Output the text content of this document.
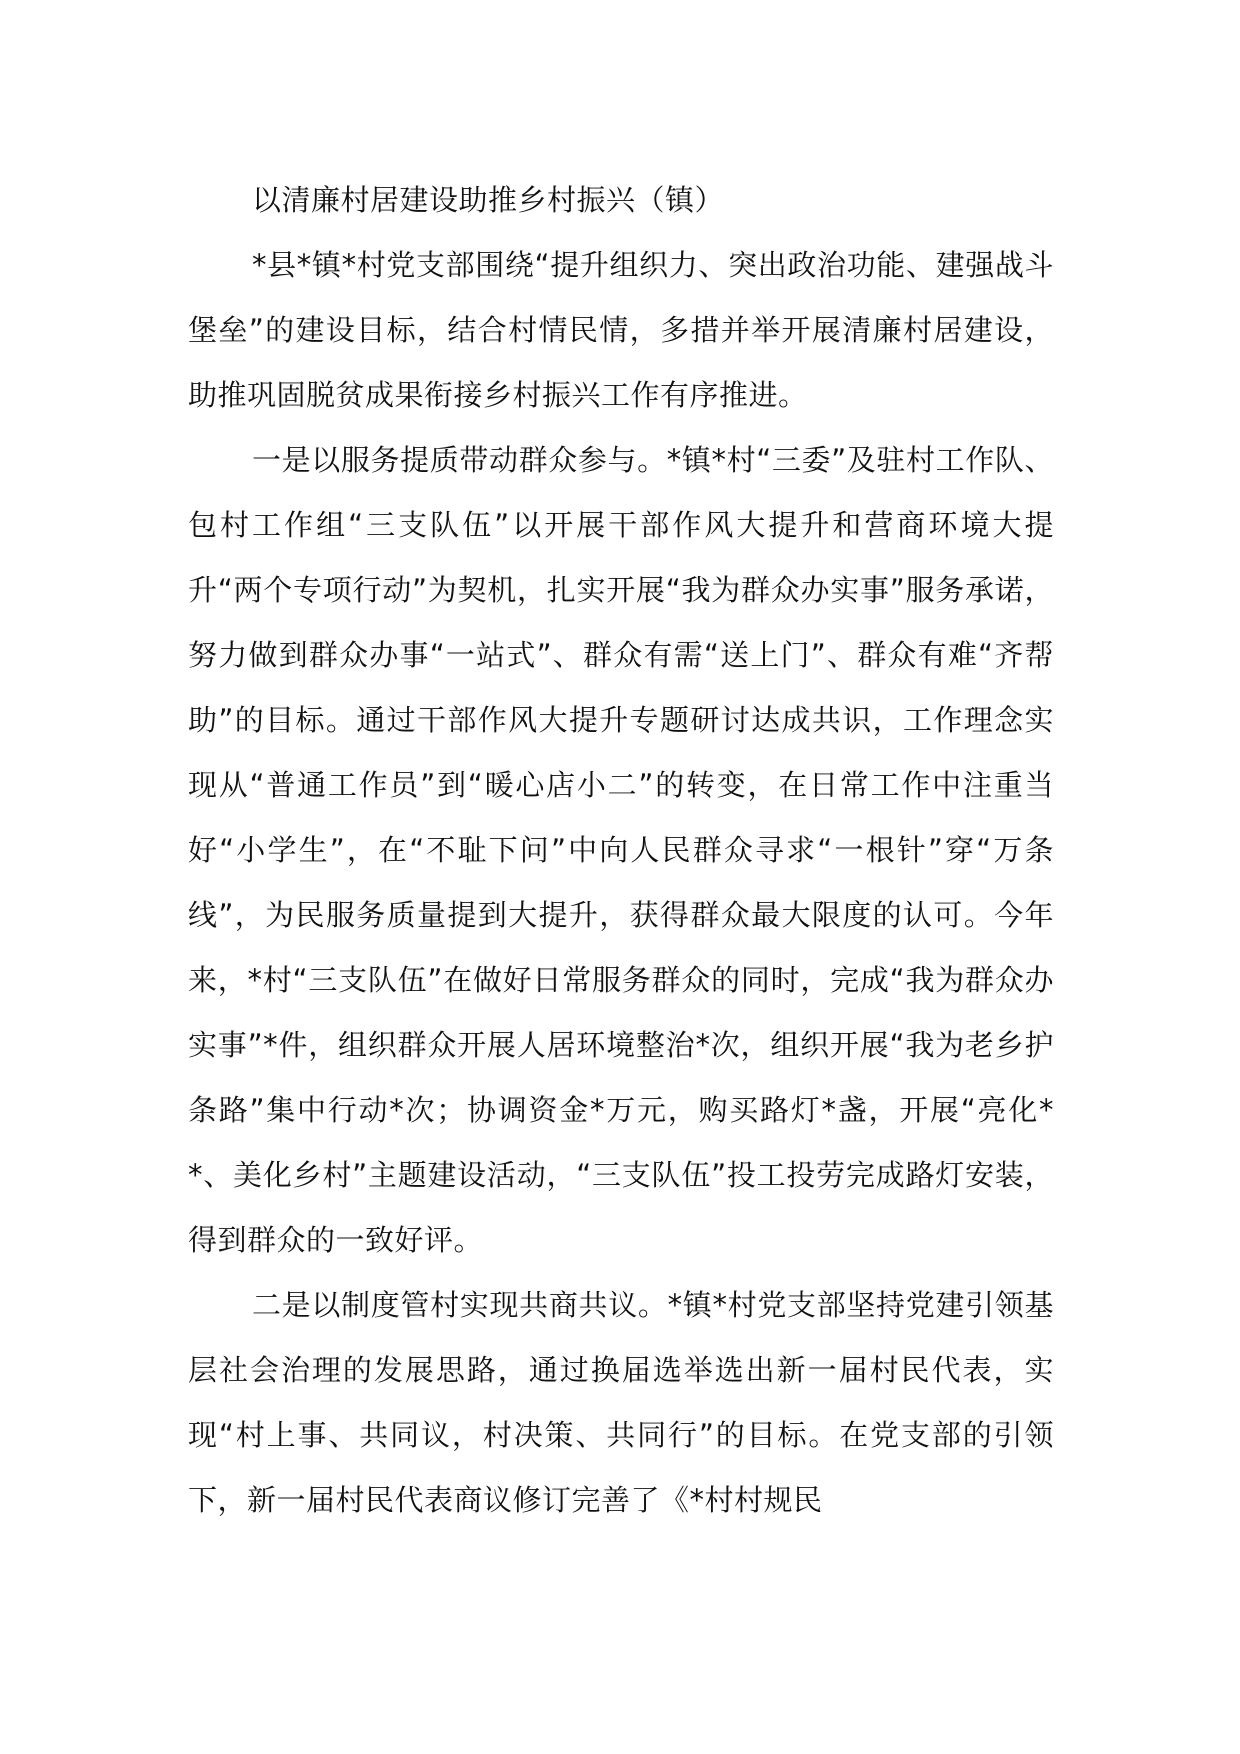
以清廉村居建设助推乡村振兴（镇）

*县*镇*村党支部围绕“提升组织力、突出政治功能、建强战斗堡垒”的建设目标，结合村情民情，多措并举开展清廉村居建设，助推巩固脱贫成果衔接乡村振兴工作有序推进。

一是以服务提质带动群众参与。*镇*村“三委”及驻村工作队、包村工作组“三支队伍”以开展干部作风大提升和营商环境大提升“两个专项行动”为契机，扎实开展“我为群众办实事”服务承诺，努力做到群众办事“一站式”、群众有需“送上门”、群众有难“齐帮助”的目标。通过干部作风大提升专题研讨达成共识，工作理念实现从“普通工作员”到“暖心店小二”的转变，在日常工作中注重当好“小学生”，在“不耻下问”中向人民群众寻求“一根针”穿“万条线”，为民服务质量提到大提升，获得群众最大限度的认可。今年来，*村“三支队伍”在做好日常服务群众的同时，完成“我为群众办实事”*件，组织群众开展人居环境整治*次，组织开展“我为老乡护条路”集中行动*次；协调资金*万元，购买路灯*盏，开展“亮化**、美化乡村”主题建设活动，“三支队伍”投工投劳完成路灯安装，得到群众的一致好评。

二是以制度管村实现共商共议。*镇*村党支部坚持党建引领基层社会治理的发展思路，通过换届选举选出新一届村民代表，实现“村上事、共同议，村决策、共同行”的目标。在党支部的引领下，新一届村民代表商议修订完善了《*村村规民
